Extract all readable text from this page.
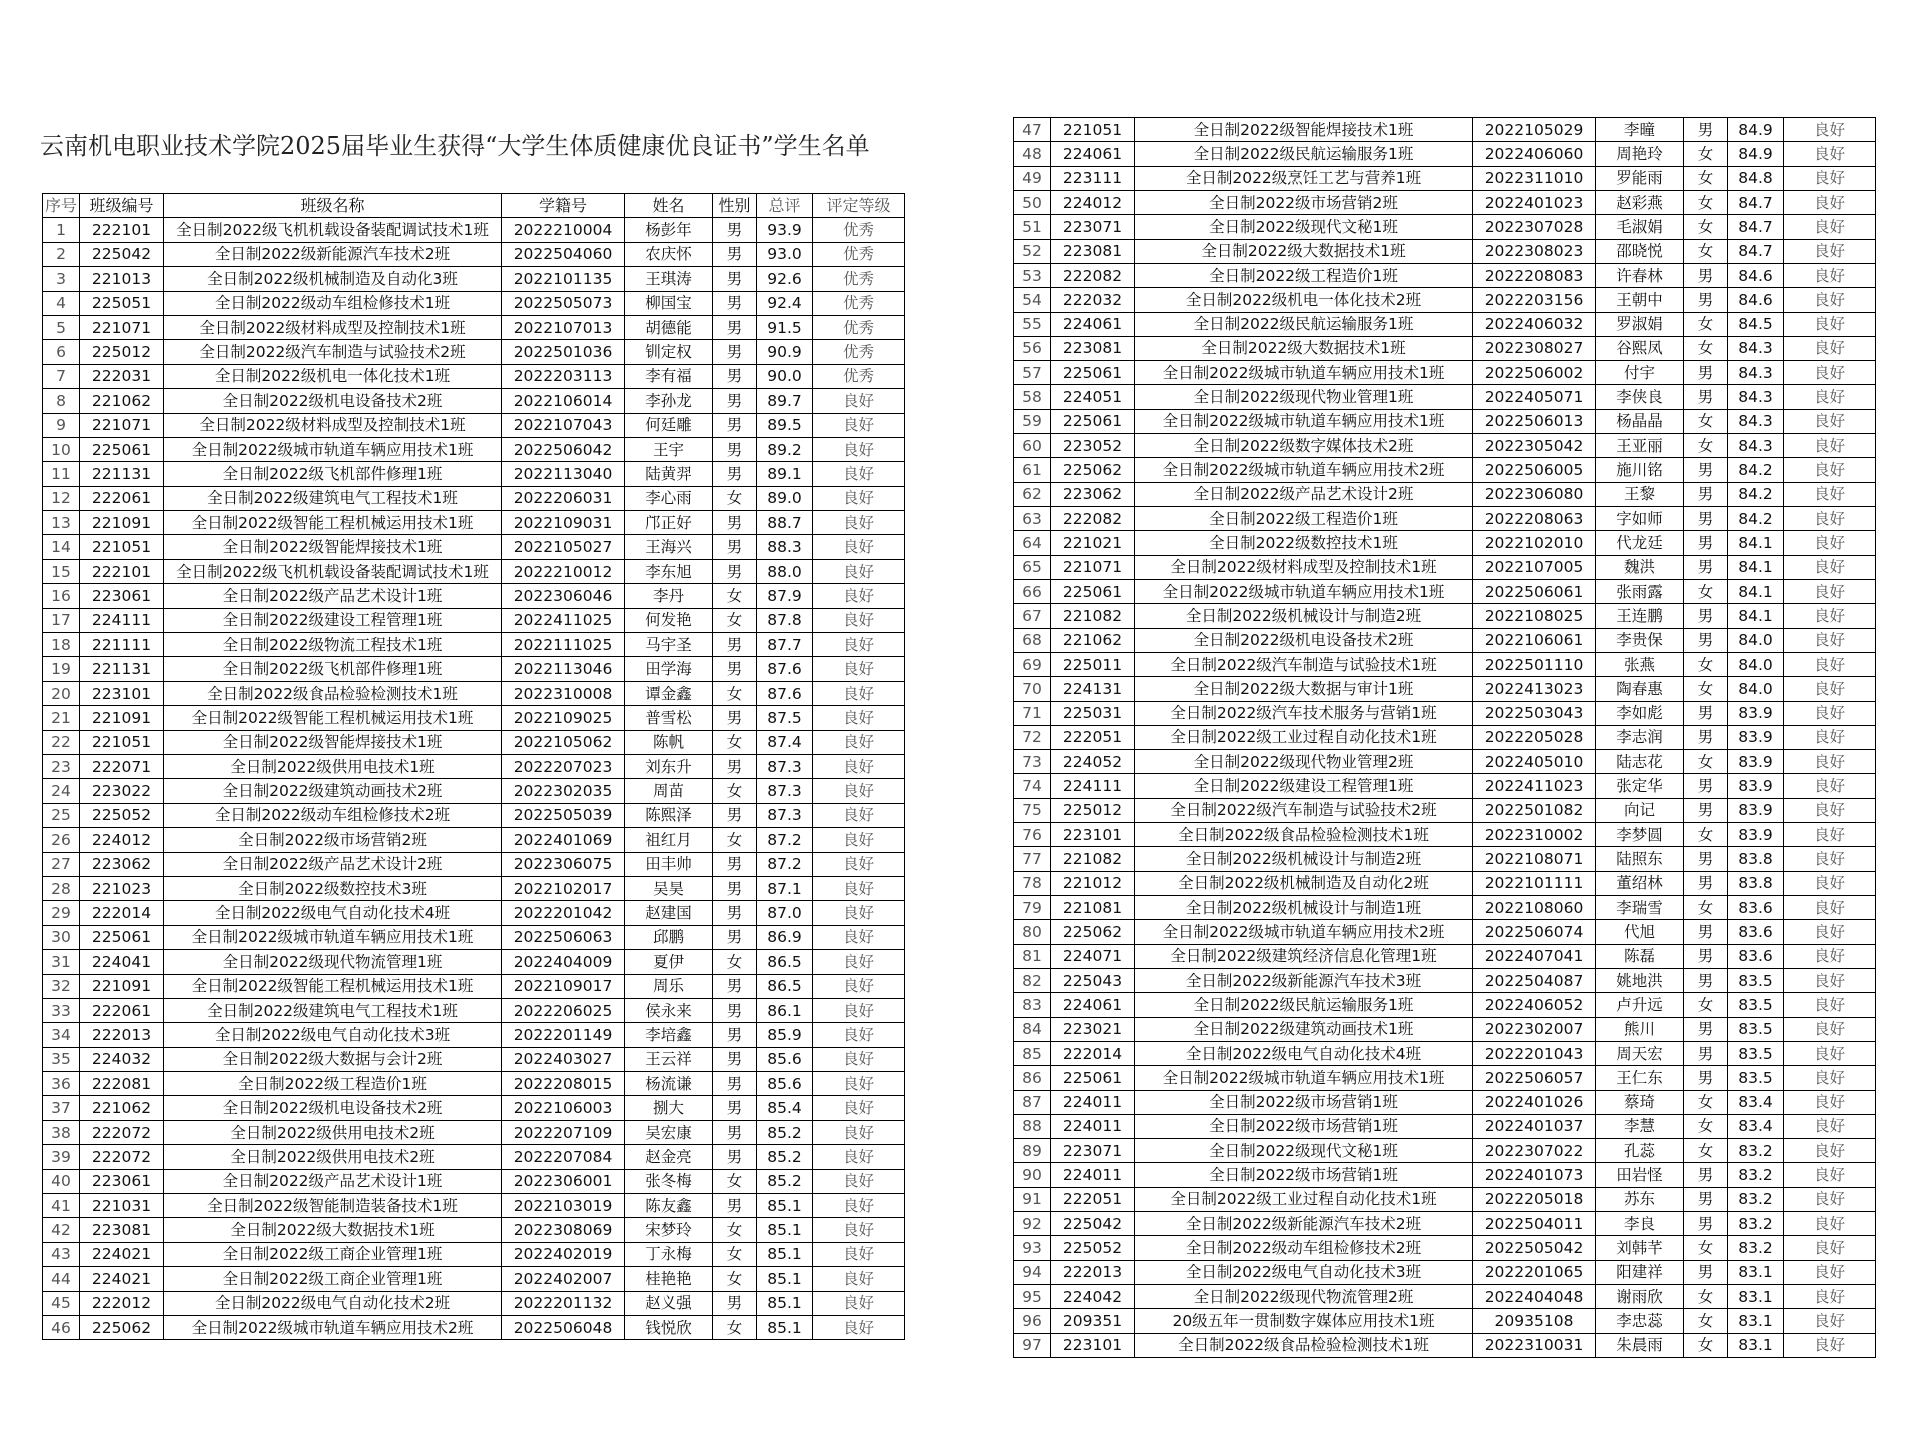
云南机电职业技术学院2025届毕业生获得“大学生体质健康优良证书”学生名单
序号	班级编号	班级名称	学籍号	姓名	性别	总评	评定等级
1	222101	全日制2022级飞机机载设备装配调试技术1班	2022210004	杨彭年	男	93.9	优秀
2	225042	全日制2022级新能源汽车技术2班	2022504060	农庆怀	男	93.0	优秀
3	221013	全日制2022级机械制造及自动化3班	2022101135	王琪涛	男	92.6	优秀
4	225051	全日制2022级动车组检修技术1班	2022505073	柳国宝	男	92.4	优秀
5	221071	全日制2022级材料成型及控制技术1班	2022107013	胡德能	男	91.5	优秀
6	225012	全日制2022级汽车制造与试验技术2班	2022501036	钏定权	男	90.9	优秀
7	222031	全日制2022级机电一体化技术1班	2022203113	李有福	男	90.0	优秀
8	221062	全日制2022级机电设备技术2班	2022106014	李孙龙	男	89.7	良好
9	221071	全日制2022级材料成型及控制技术1班	2022107043	何廷雕	男	89.5	良好
10	225061	全日制2022级城市轨道车辆应用技术1班	2022506042	王宇	男	89.2	良好
11	221131	全日制2022级飞机部件修理1班	2022113040	陆黄羿	男	89.1	良好
12	222061	全日制2022级建筑电气工程技术1班	2022206031	李心雨	女	89.0	良好
13	221091	全日制2022级智能工程机械运用技术1班	2022109031	邝正好	男	88.7	良好
14	221051	全日制2022级智能焊接技术1班	2022105027	王海兴	男	88.3	良好
15	222101	全日制2022级飞机机载设备装配调试技术1班	2022210012	李东旭	男	88.0	良好
16	223061	全日制2022级产品艺术设计1班	2022306046	李丹	女	87.9	良好
17	224111	全日制2022级建设工程管理1班	2022411025	何发艳	女	87.8	良好
18	221111	全日制2022级物流工程技术1班	2022111025	马宇圣	男	87.7	良好
19	221131	全日制2022级飞机部件修理1班	2022113046	田学海	男	87.6	良好
20	223101	全日制2022级食品检验检测技术1班	2022310008	谭金鑫	女	87.6	良好
21	221091	全日制2022级智能工程机械运用技术1班	2022109025	普雪松	男	87.5	良好
22	221051	全日制2022级智能焊接技术1班	2022105062	陈帆	女	87.4	良好
23	222071	全日制2022级供用电技术1班	2022207023	刘东升	男	87.3	良好
24	223022	全日制2022级建筑动画技术2班	2022302035	周苗	女	87.3	良好
25	225052	全日制2022级动车组检修技术2班	2022505039	陈熙泽	男	87.3	良好
26	224012	全日制2022级市场营销2班	2022401069	祖红月	女	87.2	良好
27	223062	全日制2022级产品艺术设计2班	2022306075	田丰帅	男	87.2	良好
28	221023	全日制2022级数控技术3班	2022102017	吴昊	男	87.1	良好
29	222014	全日制2022级电气自动化技术4班	2022201042	赵建国	男	87.0	良好
30	225061	全日制2022级城市轨道车辆应用技术1班	2022506063	邱鹏	男	86.9	良好
31	224041	全日制2022级现代物流管理1班	2022404009	夏伊	女	86.5	良好
32	221091	全日制2022级智能工程机械运用技术1班	2022109017	周乐	男	86.5	良好
33	222061	全日制2022级建筑电气工程技术1班	2022206025	侯永来	男	86.1	良好
34	222013	全日制2022级电气自动化技术3班	2022201149	李培鑫	男	85.9	良好
35	224032	全日制2022级大数据与会计2班	2022403027	王云祥	男	85.6	良好
36	222081	全日制2022级工程造价1班	2022208015	杨流谦	男	85.6	良好
37	221062	全日制2022级机电设备技术2班	2022106003	捌大	男	85.4	良好
38	222072	全日制2022级供用电技术2班	2022207109	吴宏康	男	85.2	良好
39	222072	全日制2022级供用电技术2班	2022207084	赵金亮	男	85.2	良好
40	223061	全日制2022级产品艺术设计1班	2022306001	张冬梅	女	85.2	良好
41	221031	全日制2022级智能制造装备技术1班	2022103019	陈友鑫	男	85.1	良好
42	223081	全日制2022级大数据技术1班	2022308069	宋梦玲	女	85.1	良好
43	224021	全日制2022级工商企业管理1班	2022402019	丁永梅	女	85.1	良好
44	224021	全日制2022级工商企业管理1班	2022402007	桂艳艳	女	85.1	良好
45	222012	全日制2022级电气自动化技术2班	2022201132	赵义强	男	85.1	良好
46	225062	全日制2022级城市轨道车辆应用技术2班	2022506048	钱悦欣	女	85.1	良好
47	221051	全日制2022级智能焊接技术1班	2022105029	李曈	男	84.9	良好
48	224061	全日制2022级民航运输服务1班	2022406060	周艳玲	女	84.9	良好
49	223111	全日制2022级烹饪工艺与营养1班	2022311010	罗能雨	女	84.8	良好
50	224012	全日制2022级市场营销2班	2022401023	赵彩燕	女	84.7	良好
51	223071	全日制2022级现代文秘1班	2022307028	毛淑娟	女	84.7	良好
52	223081	全日制2022级大数据技术1班	2022308023	邵晓悦	女	84.7	良好
53	222082	全日制2022级工程造价1班	2022208083	许春林	男	84.6	良好
54	222032	全日制2022级机电一体化技术2班	2022203156	王朝中	男	84.6	良好
55	224061	全日制2022级民航运输服务1班	2022406032	罗淑娟	女	84.5	良好
56	223081	全日制2022级大数据技术1班	2022308027	谷熙凤	女	84.3	良好
57	225061	全日制2022级城市轨道车辆应用技术1班	2022506002	付宇	男	84.3	良好
58	224051	全日制2022级现代物业管理1班	2022405071	李侠良	男	84.3	良好
59	225061	全日制2022级城市轨道车辆应用技术1班	2022506013	杨晶晶	女	84.3	良好
60	223052	全日制2022级数字媒体技术2班	2022305042	王亚丽	女	84.3	良好
61	225062	全日制2022级城市轨道车辆应用技术2班	2022506005	施川铭	男	84.2	良好
62	223062	全日制2022级产品艺术设计2班	2022306080	王黎	男	84.2	良好
63	222082	全日制2022级工程造价1班	2022208063	字如师	男	84.2	良好
64	221021	全日制2022级数控技术1班	2022102010	代龙廷	男	84.1	良好
65	221071	全日制2022级材料成型及控制技术1班	2022107005	魏洪	男	84.1	良好
66	225061	全日制2022级城市轨道车辆应用技术1班	2022506061	张雨露	女	84.1	良好
67	221082	全日制2022级机械设计与制造2班	2022108025	王连鹏	男	84.1	良好
68	221062	全日制2022级机电设备技术2班	2022106061	李贵保	男	84.0	良好
69	225011	全日制2022级汽车制造与试验技术1班	2022501110	张燕	女	84.0	良好
70	224131	全日制2022级大数据与审计1班	2022413023	陶春惠	女	84.0	良好
71	225031	全日制2022级汽车技术服务与营销1班	2022503043	李如彪	男	83.9	良好
72	222051	全日制2022级工业过程自动化技术1班	2022205028	李志润	男	83.9	良好
73	224052	全日制2022级现代物业管理2班	2022405010	陆志花	女	83.9	良好
74	224111	全日制2022级建设工程管理1班	2022411023	张定华	男	83.9	良好
75	225012	全日制2022级汽车制造与试验技术2班	2022501082	向记	男	83.9	良好
76	223101	全日制2022级食品检验检测技术1班	2022310002	李梦圆	女	83.9	良好
77	221082	全日制2022级机械设计与制造2班	2022108071	陆照东	男	83.8	良好
78	221012	全日制2022级机械制造及自动化2班	2022101111	董绍林	男	83.8	良好
79	221081	全日制2022级机械设计与制造1班	2022108060	李瑞雪	女	83.6	良好
80	225062	全日制2022级城市轨道车辆应用技术2班	2022506074	代旭	男	83.6	良好
81	224071	全日制2022级建筑经济信息化管理1班	2022407041	陈磊	男	83.6	良好
82	225043	全日制2022级新能源汽车技术3班	2022504087	姚地洪	男	83.5	良好
83	224061	全日制2022级民航运输服务1班	2022406052	卢升远	女	83.5	良好
84	223021	全日制2022级建筑动画技术1班	2022302007	熊川	男	83.5	良好
85	222014	全日制2022级电气自动化技术4班	2022201043	周天宏	男	83.5	良好
86	225061	全日制2022级城市轨道车辆应用技术1班	2022506057	王仁东	男	83.5	良好
87	224011	全日制2022级市场营销1班	2022401026	蔡琦	女	83.4	良好
88	224011	全日制2022级市场营销1班	2022401037	李慧	女	83.4	良好
89	223071	全日制2022级现代文秘1班	2022307022	孔蕊	女	83.2	良好
90	224011	全日制2022级市场营销1班	2022401073	田岩怪	男	83.2	良好
91	222051	全日制2022级工业过程自动化技术1班	2022205018	苏东	男	83.2	良好
92	225042	全日制2022级新能源汽车技术2班	2022504011	李良	男	83.2	良好
93	225052	全日制2022级动车组检修技术2班	2022505042	刘韩芊	女	83.2	良好
94	222013	全日制2022级电气自动化技术3班	2022201065	阳建祥	男	83.1	良好
95	224042	全日制2022级现代物流管理2班	2022404048	谢雨欣	女	83.1	良好
96	209351	20级五年一贯制数字媒体应用技术1班	20935108	李忠蕊	女	83.1	良好
97	223101	全日制2022级食品检验检测技术1班	2022310031	朱晨雨	女	83.1	良好
